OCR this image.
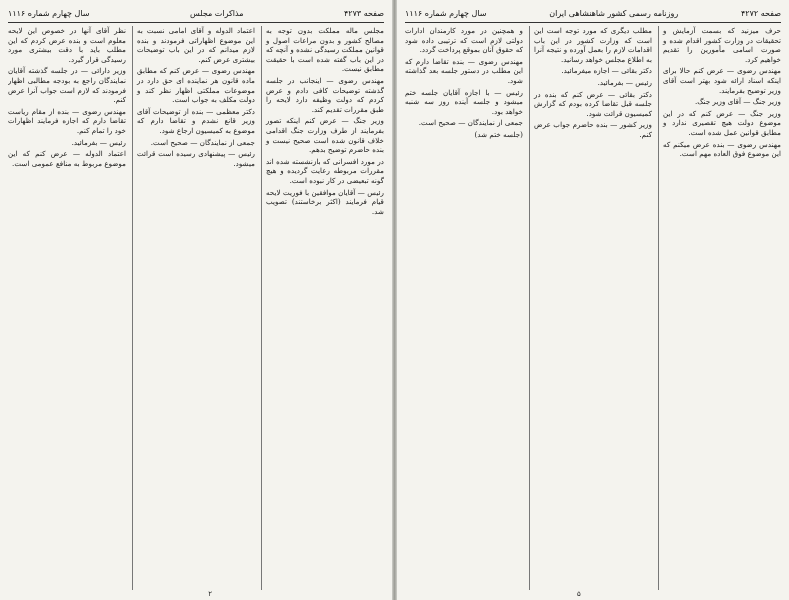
صفحه ۴۲۷۳
مذاکرات مجلس
سال چهارم شماره ۱۱۱۶

مجلس ماله مملکت بدون توجه به مصالح کشور و بدون مراعات اصول و قوانین مملکت رسیدگی نشده و آنچه که در این باب گفته شده است با حقیقت مطابق نیست.

مهندس رضوی — اینجانب در جلسه گذشته توضیحات کافی دادم و عرض کردم که دولت وظیفه دارد لایحه را طبق مقررات تقدیم کند.

وزیر جنگ — عرض کنم اینکه تصور بفرمایند از طرف وزارت جنگ اقدامی خلاف قانون شده است صحیح نیست و بنده حاضرم توضیح بدهم.

در مورد افسرانی که بازنشسته شده اند مقررات مربوطه رعایت گردیده و هیچ گونه تبعیضی در کار نبوده است.

رئیس — آقایان موافقین با فوریت لایحه قیام فرمایند (اکثر برخاستند) تصویب شد.

اعتماد الدوله و آقای امامی نسبت به این موضوع اظهاراتی فرمودند و بنده لازم میدانم که در این باب توضیحات بیشتری عرض کنم.

مهندس رضوی — عرض کنم که مطابق ماده قانون هر نماینده ای حق دارد در موضوعات مملکتی اظهار نظر کند و دولت مکلف به جواب است.

دکتر معظمی — بنده از توضیحات آقای وزیر قانع نشدم و تقاضا دارم که موضوع به کمیسیون ارجاع شود.

جمعی از نمایندگان — صحیح است.

رئیس — پیشنهادی رسیده است قرائت میشود.

نظر آقای آنها در خصوص این لایحه معلوم است و بنده عرض کردم که این مطلب باید با دقت بیشتری مورد رسیدگی قرار گیرد.

وزیر دارائی — در جلسه گذشته آقایان نمایندگان راجع به بودجه مطالبی اظهار فرمودند که لازم است جواب آنرا عرض کنم.

مهندس رضوی — بنده از مقام ریاست تقاضا دارم که اجازه فرمایند اظهارات خود را تمام کنم.

رئیس — بفرمائید.

اعتماد الدوله — عرض کنم که این موضوع مربوط به منافع عمومی است.

۲
صفحه ۴۲۷۲
روزنامه رسمی کشور شاهنشاهی ایران
سال چهارم شماره ۱۱۱۶

حرف میزنید که بسمت آزمایش و تحقیقات در وزارت کشور اقدام شده و صورت اسامی مأمورین را تقدیم خواهیم کرد.

مهندس رضوی — عرض کنم حالا برای اینکه اسناد ارائه شود بهتر است آقای وزیر توضیح بفرمایند.

وزیر جنگ — آقای وزیر جنگ.

وزیر جنگ — عرض کنم که در این موضوع دولت هیچ تقصیری ندارد و مطابق قوانین عمل شده است.

مهندس رضوی — بنده عرض میکنم که این موضوع فوق العاده مهم است.

مطلب دیگری که مورد توجه است این است که وزارت کشور در این باب اقدامات لازم را بعمل آورده و نتیجه آنرا به اطلاع مجلس خواهد رسانید.

دکتر بقائی — اجازه میفرمائید.

رئیس — بفرمائید.

دکتر بقائی — عرض کنم که بنده در جلسه قبل تقاضا کرده بودم که گزارش کمیسیون قرائت شود.

وزیر کشور — بنده حاضرم جواب عرض کنم.

و همچنین در مورد کارمندان ادارات دولتی لازم است که ترتیبی داده شود که حقوق آنان بموقع پرداخت گردد.

مهندس رضوی — بنده تقاضا دارم که این مطلب در دستور جلسه بعد گذاشته شود.

رئیس — با اجازه آقایان جلسه ختم میشود و جلسه آینده روز سه شنبه خواهد بود.

جمعی از نمایندگان — صحیح است.

(جلسه ختم شد)

۵
